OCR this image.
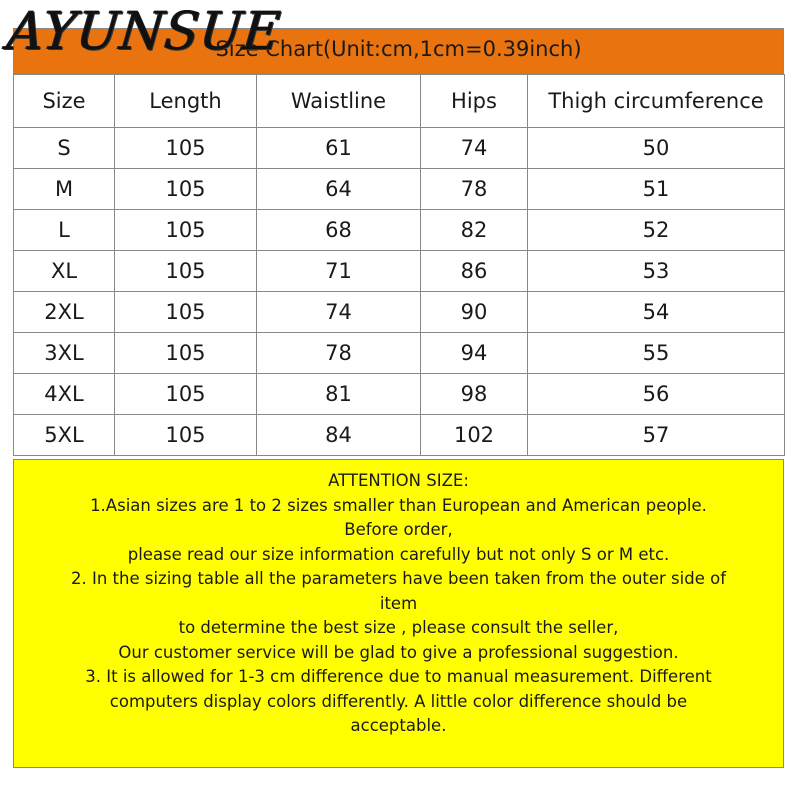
Size Chart(Unit:cm,1cm=0.39inch)
AYUNSUE
Size	Length	Waistline	Hips	Thigh circumference
S	105	61	74	50
M	105	64	78	51
L	105	68	82	52
XL	105	71	86	53
2XL	105	74	90	54
3XL	105	78	94	55
4XL	105	81	98	56
5XL	105	84	102	57
ATTENTION SIZE:
1.Asian sizes are 1 to 2 sizes smaller than European and American people.
Before order,
please read our size information carefully but not only S or M etc.
2. In the sizing table all the parameters have been taken from the outer side of
item
to determine the best size , please consult the seller,
Our customer service will be glad to give a professional suggestion.
3. It is allowed for 1-3 cm difference due to manual measurement. Different
computers display colors differently. A little color difference should be
acceptable.
